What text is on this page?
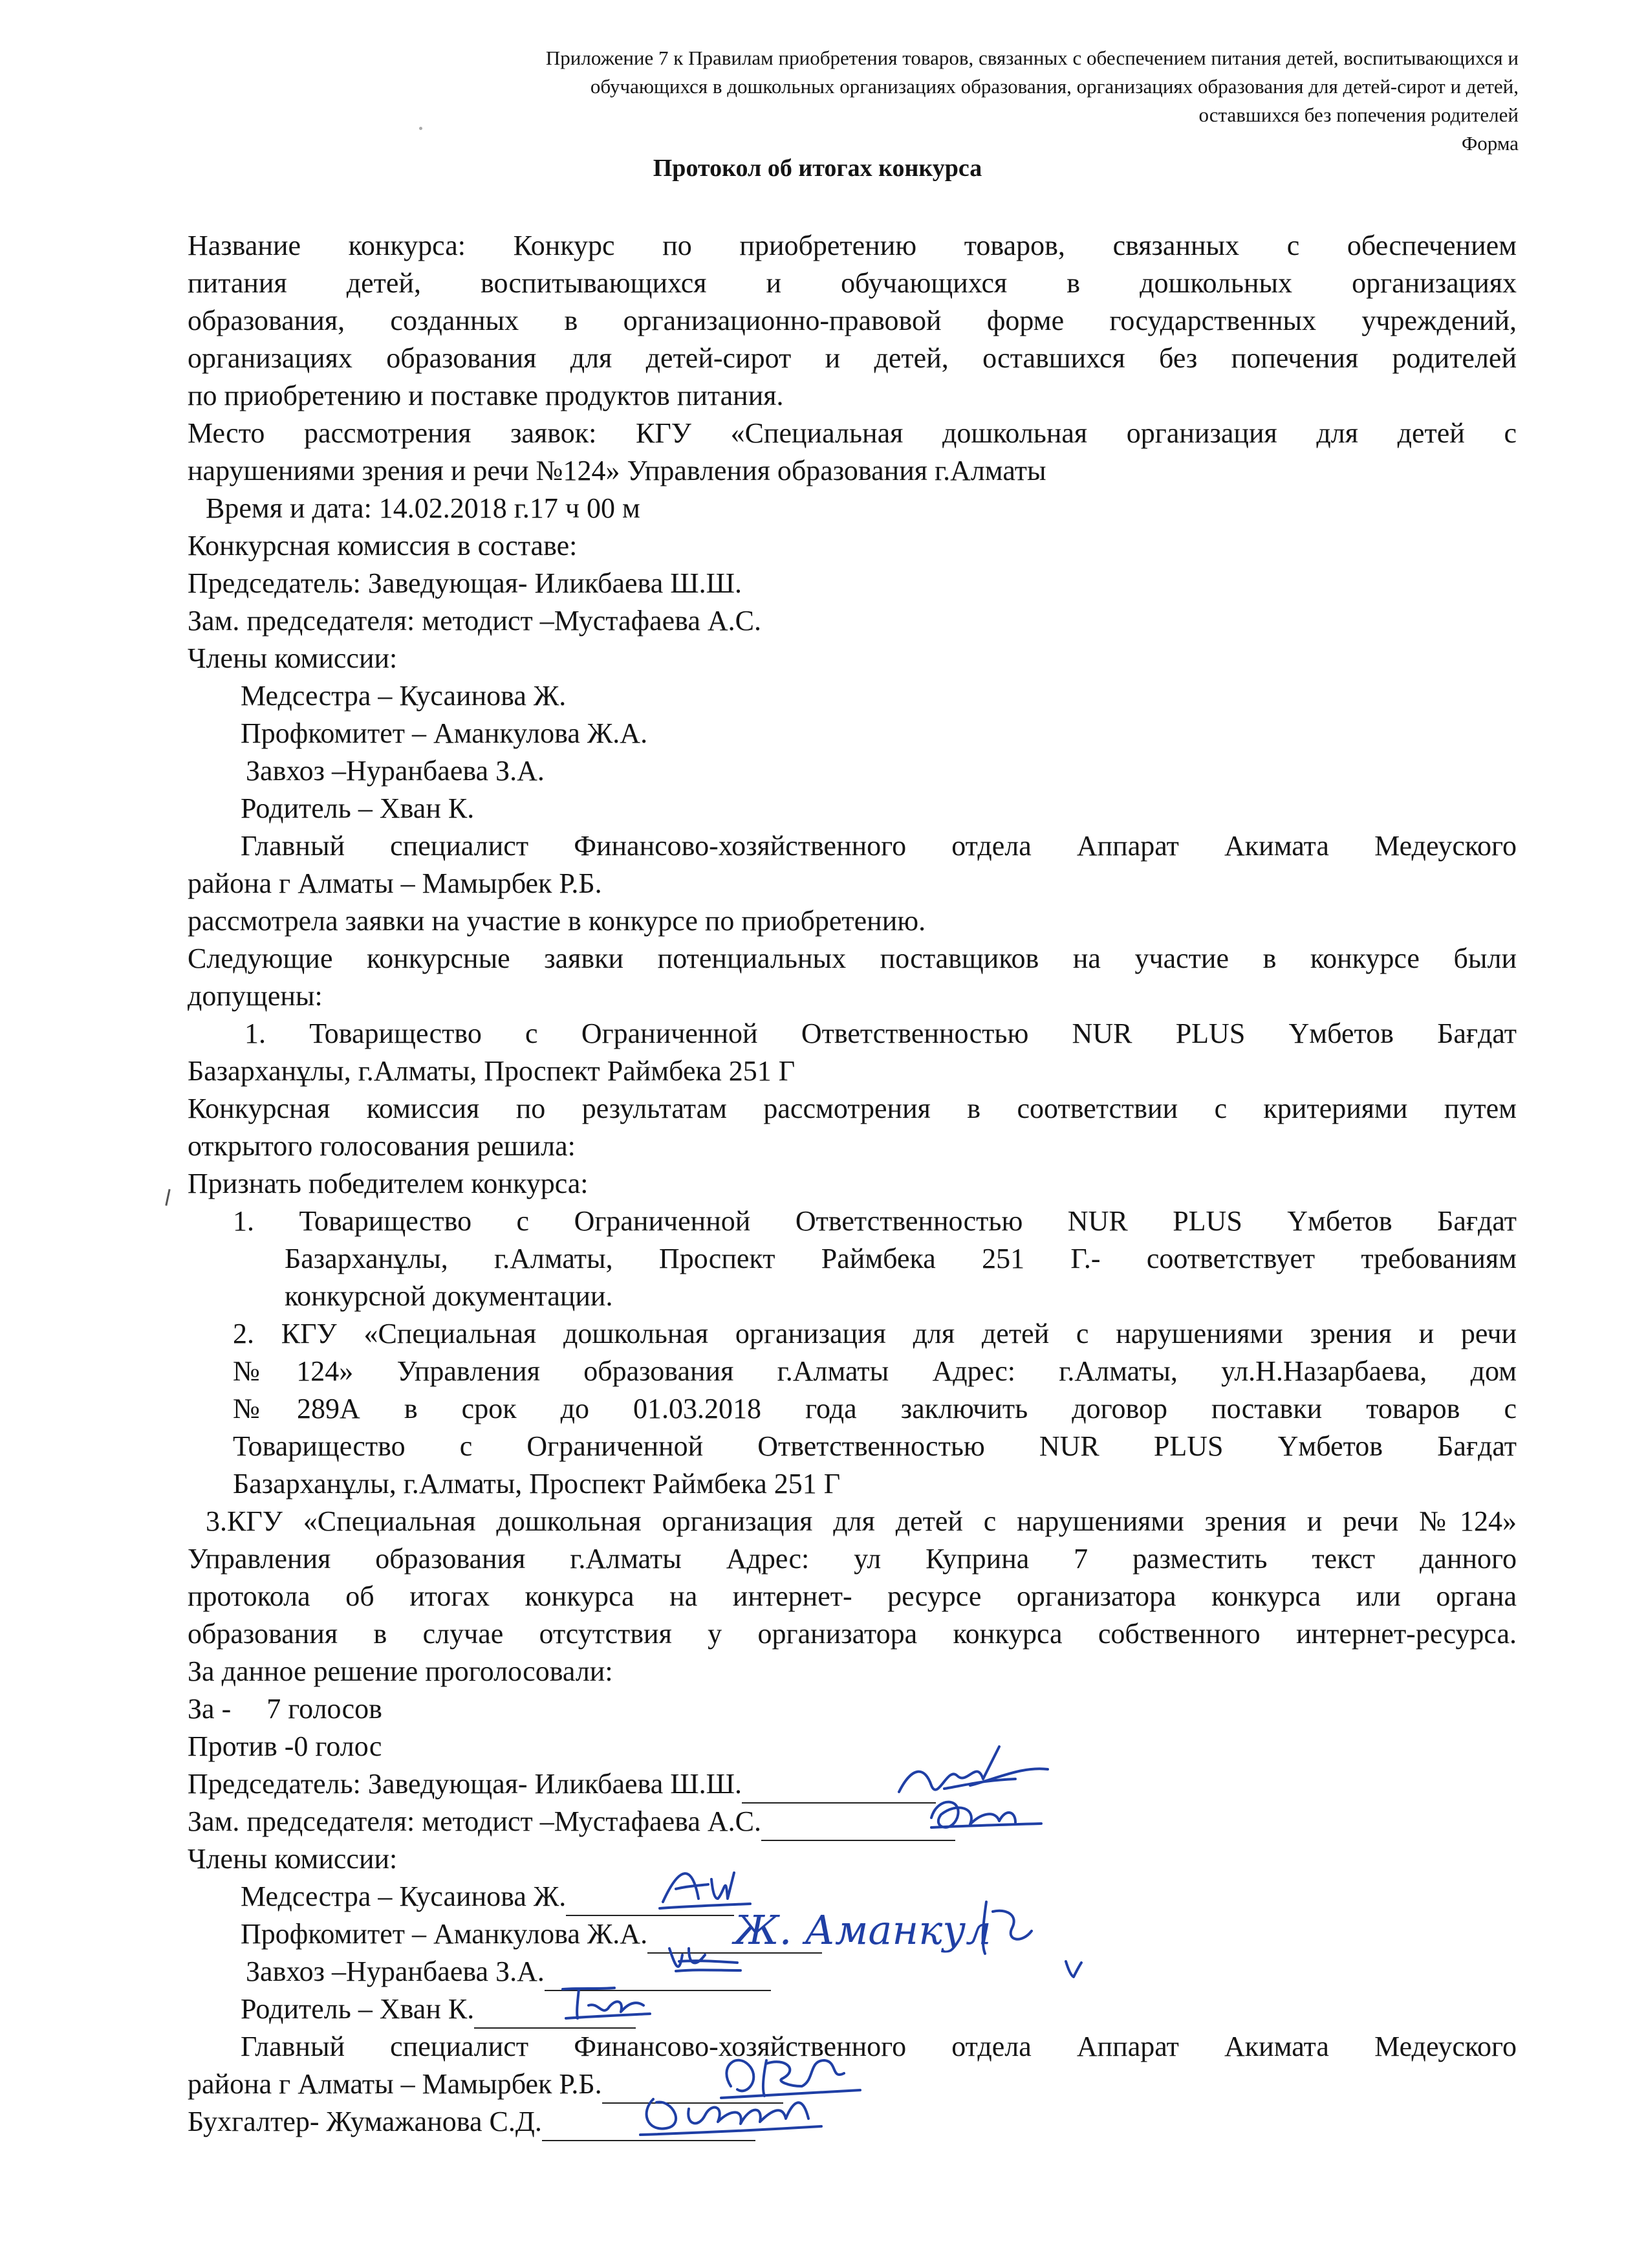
Приложение 7 к Правилам приобретения товаров, связанных с обеспечением питания детей, воспитывающихся и
обучающихся в дошкольных организациях образования, организациях образования для детей-сирот и детей,
оставшихся без попечения родителей
Форма
Протокол об итогах конкурса
Название конкурса: Конкурс по приобретению товаров, связанных с обеспечением
питания детей, воспитывающихся и обучающихся в дошкольных организациях
образования, созданных в организационно-правовой форме государственных учреждений,
организациях образования для детей-сирот и детей, оставшихся без попечения родителей
по приобретению и поставке продуктов питания.
Место рассмотрения заявок: КГУ «Специальная дошкольная организация для детей с
нарушениями зрения и речи №124» Управления образования г.Алматы
Время и дата: 14.02.2018 г.17 ч 00 м
Конкурсная комиссия в составе:
Председатель: Заведующая- Иликбаева Ш.Ш.
Зам. председателя: методист –Мустафаева А.С.
Члены комиссии:
Медсестра – Кусаинова Ж.
Профкомитет – Аманкулова Ж.А.
Завхоз –Нуранбаева З.А.
Родитель – Хван К.
Главный специалист Финансово-хозяйственного отдела Аппарат Акимата Медеуского
района г Алматы – Мамырбек Р.Б.
рассмотрела заявки на участие в конкурсе по приобретению.
Следующие конкурсные заявки потенциальных поставщиков на участие в конкурсе были
допущены:
1. Товарищество с Ограниченной Ответственностью NUR PLUS Үмбетов Бағдат
Базарханұлы, г.Алматы, Проспект Раймбека 251 Г
Конкурсная комиссия по результатам рассмотрения в соответствии с критериями путем
открытого голосования решила:
Признать победителем конкурса:
1. Товарищество с Ограниченной Ответственностью NUR PLUS Үмбетов Бағдат
Базарханұлы, г.Алматы, Проспект Раймбека 251 Г.- соответствует требованиям
конкурсной документации.
2. КГУ «Специальная дошкольная организация для детей с нарушениями зрения и речи
№124» Управления образования г.Алматы Адрес: г.Алматы, ул.Н.Назарбаева, дом
№289А в срок до 01.03.2018 года заключить договор поставки товаров с
Товарищество с Ограниченной Ответственностью NUR PLUS Үмбетов Бағдат
Базарханұлы, г.Алматы, Проспект Раймбека 251 Г
3.КГУ «Специальная дошкольная организация для детей с нарушениями зрения и речи №124»
Управления образования г.Алматы Адрес: ул Куприна 7 разместить текст данного
протокола об итогах конкурса на интернет- ресурсе организатора конкурса или органа
образования в случае отсутствия у организатора конкурса собственного интернет-ресурса.
За данное решение проголосовали:
За -     7 голосов
Против -0 голос
Председатель: Заведующая- Иликбаева Ш.Ш.
Зам. председателя: методист –Мустафаева А.С.
Члены комиссии:
Медсестра – Кусаинова Ж.
Профкомитет – Аманкулова Ж.А.
Завхоз –Нуранбаева З.А.
Родитель – Хван К.
Главный специалист Финансово-хозяйственного отдела Аппарат Акимата Медеуского
района г Алматы – Мамырбек Р.Б.
Бухгалтер- Жумажанова С.Д.
Ж. Аманкул
